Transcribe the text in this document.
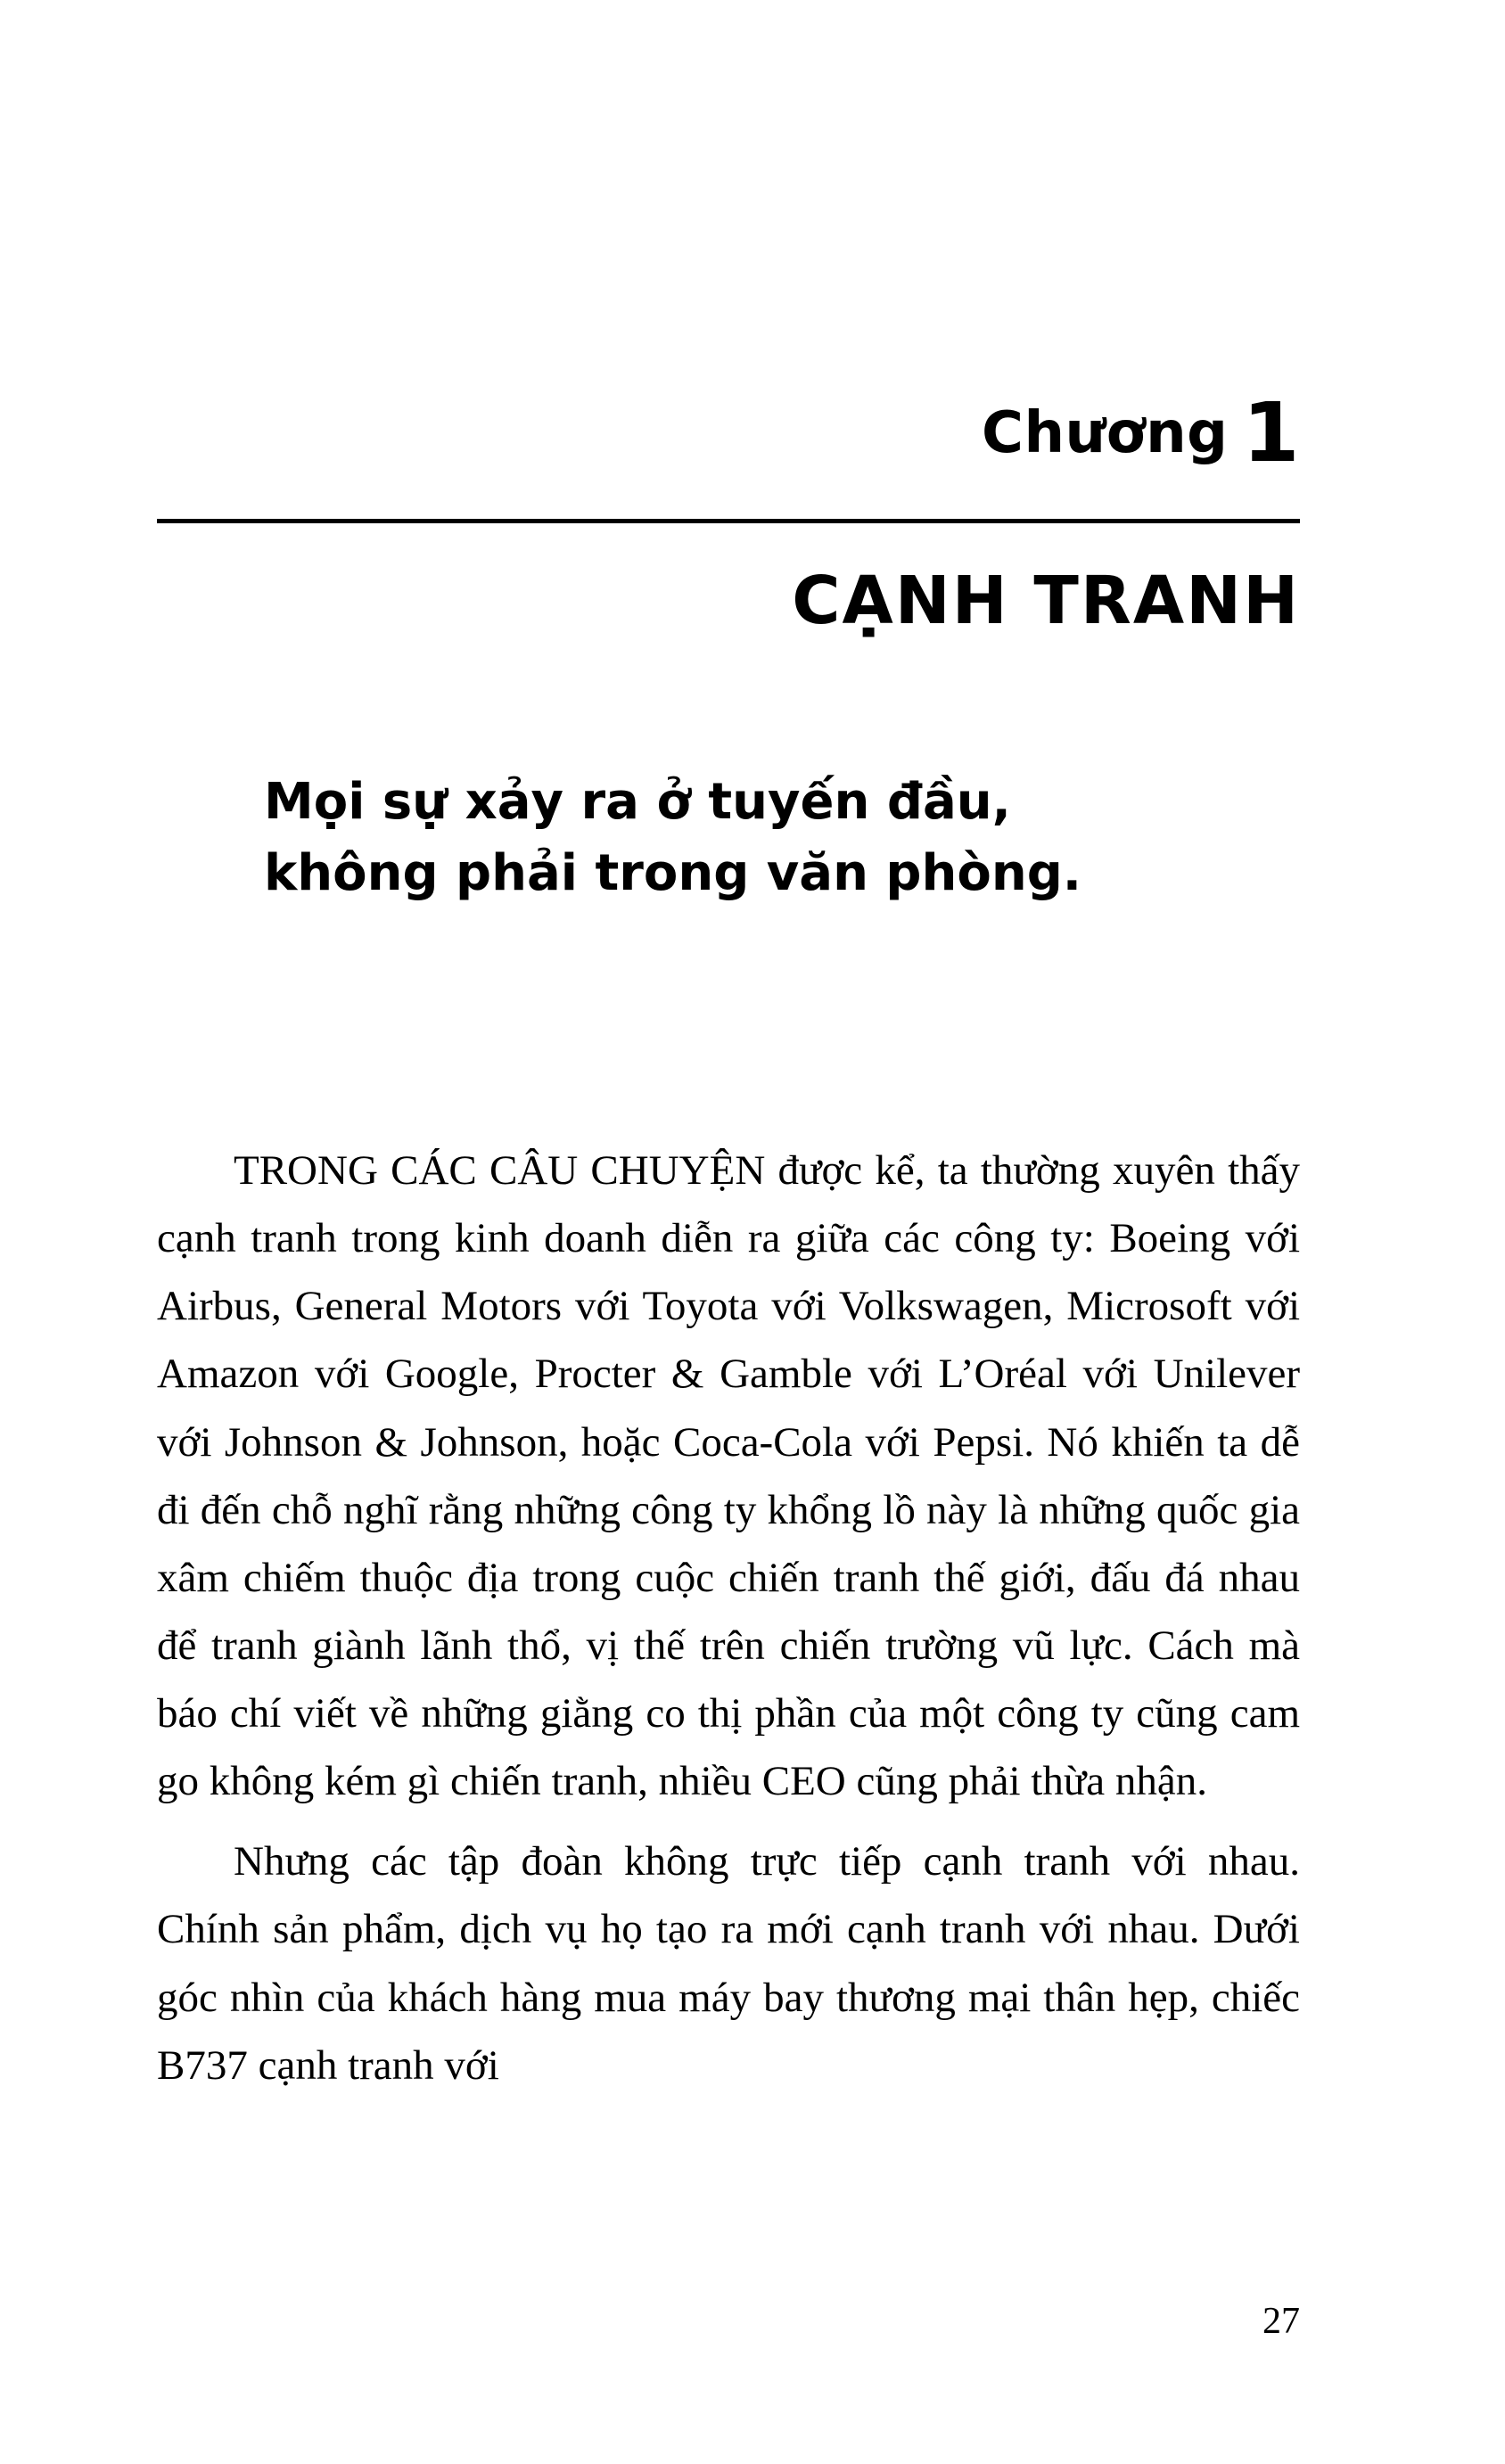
Chương 1
CẠNH TRANH
Mọi sự xảy ra ở tuyến đầu,
không phải trong văn phòng.

TRONG CÁC CÂU CHUYỆN được kể, ta thường xuyên thấy cạnh tranh trong kinh doanh diễn ra giữa các công ty: Boeing với Airbus, General Motors với Toyota với Volkswagen, Microsoft với Amazon với Google, Procter & Gamble với L’Oréal với Unilever với Johnson & Johnson, hoặc Coca-Cola với Pepsi. Nó khiến ta dễ đi đến chỗ nghĩ rằng những công ty khổng lồ này là những quốc gia xâm chiếm thuộc địa trong cuộc chiến tranh thế giới, đấu đá nhau để tranh giành lãnh thổ, vị thế trên chiến trường vũ lực. Cách mà báo chí viết về những giằng co thị phần của một công ty cũng cam go không kém gì chiến tranh, nhiều CEO cũng phải thừa nhận.

Nhưng các tập đoàn không trực tiếp cạnh tranh với nhau. Chính sản phẩm, dịch vụ họ tạo ra mới cạnh tranh với nhau. Dưới góc nhìn của khách hàng mua máy bay thương mại thân hẹp, chiếc B737 cạnh tranh với

27
